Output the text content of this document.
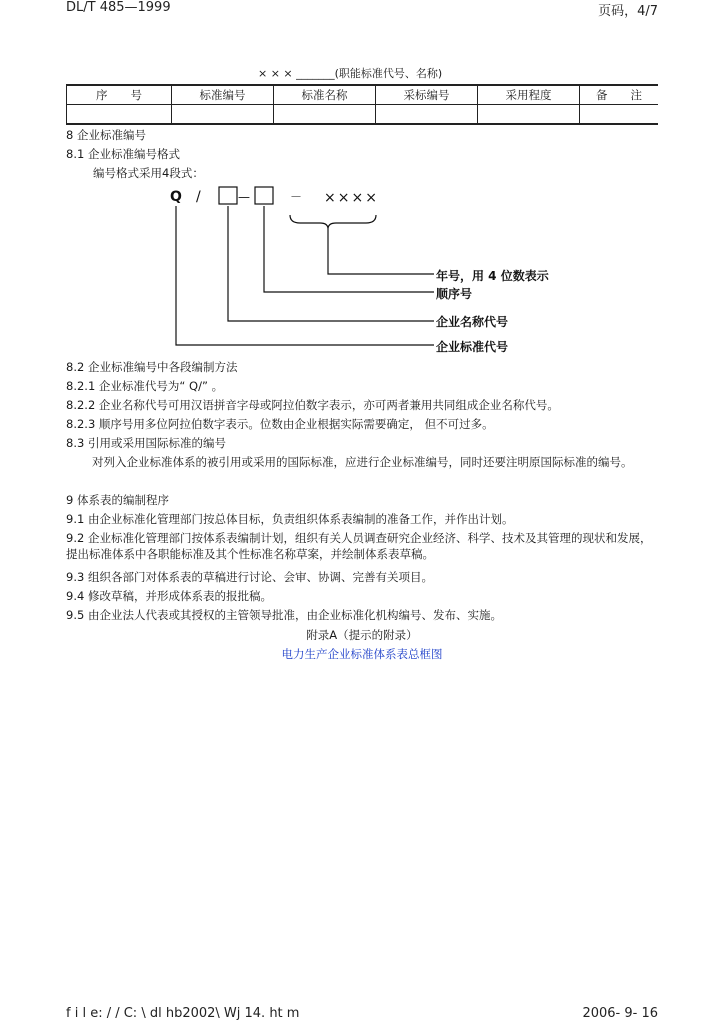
DL/T 485—1999	页码，4/7
× × × _______(职能标准代号、名称)
序　　号	标准编号	标准名称	采标编号	采用程度	备　　注

8 企业标准编号
8.1 企业标准编号格式
编号格式采用4段式：
Q /	—	－ ××××
年号，用 4 位数表示
顺序号
企业名称代号
企业标准代号
8.2 企业标准编号中各段编制方法
8.2.1 企业标准代号为“ Q/” 。
8.2.2 企业名称代号可用汉语拼音字母或阿拉伯数字表示，亦可两者兼用共同组成企业名称代号。
8.2.3 顺序号用多位阿拉伯数字表示。位数由企业根据实际需要确定， 但不可过多。
8.3 引用或采用国际标准的编号
对列入企业标准体系的被引用或采用的国际标准，应进行企业标准编号，同时还要注明原国际标准的编号。
9 体系表的编制程序
9.1 由企业标准化管理部门按总体目标，负责组织体系表编制的准备工作，并作出计划。
9.2 企业标准化管理部门按体系表编制计划，组织有关人员调查研究企业经济、科学、技术及其管理的现状和发展，提出标准体系中各职能标准及其个性标准名称草案，并绘制体系表草稿。
9.3 组织各部门对体系表的草稿进行讨论、会审、协调、完善有关项目。
9.4 修改草稿，并形成体系表的报批稿。
9.5 由企业法人代表或其授权的主管领导批准，由企业标准化机构编号、发布、实施。
附录A（提示的附录）
电力生产企业标准体系表总框图
f i l e: / / C: \ dl hb2002\ Wj 14. ht m	2006- 9- 16
